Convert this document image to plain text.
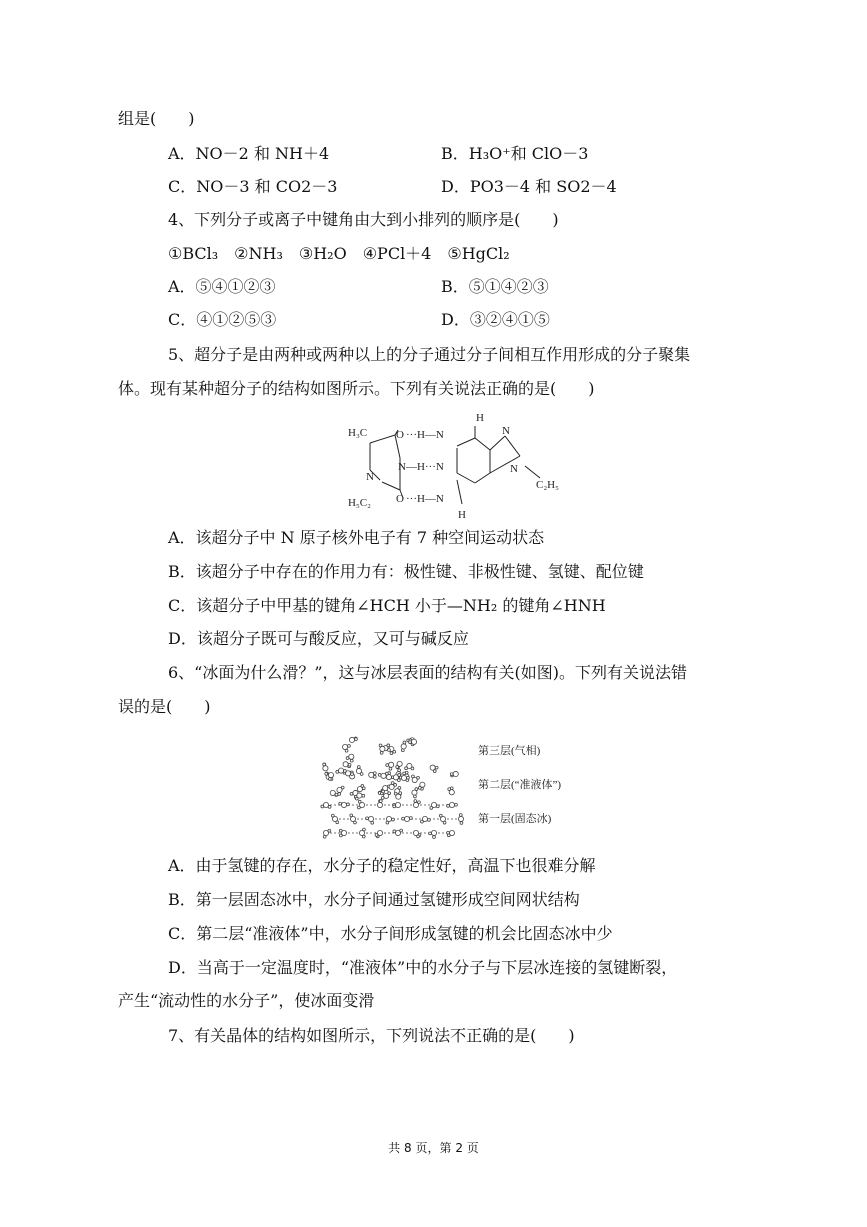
组是(　　)
A．NO－2 和 NH＋4	B．H₃O⁺和 ClO－3
C．NO－3 和 CO2－3	D．PO3－4 和 SO2－4
4、下列分子或离子中键角由大到小排列的顺序是(　　)
①BCl₃　②NH₃　③H₂O　④PCl＋4　⑤HgCl₂
A．⑤④①②③	B．⑤①④②③
C．④①②⑤③	D．③②④①⑤
5、超分子是由两种或两种以上的分子通过分子间相互作用形成的分子聚集
体。现有某种超分子的结构如图所示。下列有关说法正确的是(　　)
H₃C	O ···H—N
H
N—H···N	N
C₂H₅
N
H₅C₂ O ···H—N
H
N
A．该超分子中 N 原子核外电子有 7 种空间运动状态
B．该超分子中存在的作用力有：极性键、非极性键、氢键、配位键
C．该超分子中甲基的键角∠HCH 小于—NH₂ 的键角∠HNH
D．该超分子既可与酸反应，又可与碱反应
6、“冰面为什么滑？”，这与冰层表面的结构有关(如图)。下列有关说法错
误的是(　　)
第三层(气相)
第二层(“准液体”)
第一层(固态冰)
A．由于氢键的存在，水分子的稳定性好，高温下也很难分解
B．第一层固态冰中，水分子间通过氢键形成空间网状结构
C．第二层“准液体”中，水分子间形成氢键的机会比固态冰中少
D．当高于一定温度时，“准液体”中的水分子与下层冰连接的氢键断裂，
产生“流动性的水分子”，使冰面变滑
7、有关晶体的结构如图所示，下列说法不正确的是(　　)
共 8 页，第 2 页
